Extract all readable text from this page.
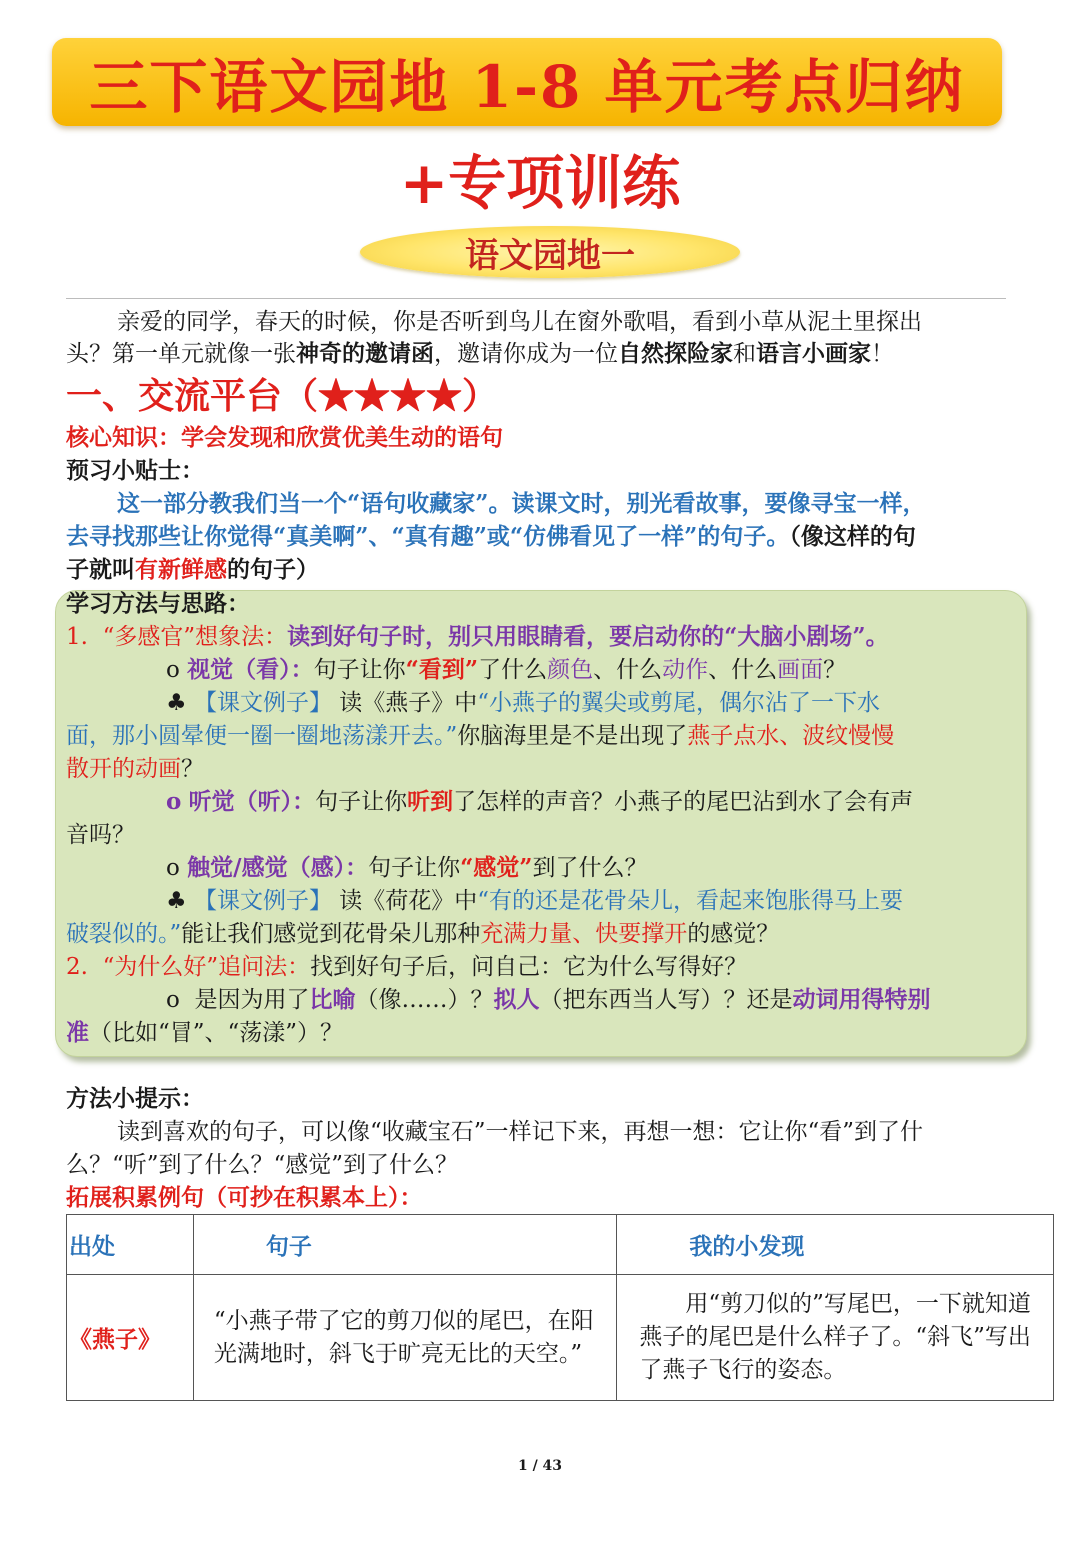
三下语文园地 1-8 单元考点归纳
+专项训练
语文园地一
亲爱的同学，春天的时候，你是否听到鸟儿在窗外歌唱，看到小草从泥土里探出
头？第一单元就像一张神奇的邀请函，邀请你成为一位自然探险家和语言小画家！
一、交流平台（★★★★）
核心知识：学会发现和欣赏优美生动的语句
预习小贴士：
这一部分教我们当一个“语句收藏家”。读课文时，别光看故事，要像寻宝一样，
去寻找那些让你觉得“真美啊”、“真有趣”或“仿佛看见了一样”的句子。（像这样的句
子就叫有新鲜感的句子）
学习方法与思路：
1. “多感官”想象法：读到好句子时，别只用眼睛看，要启动你的“大脑小剧场”。
o 视觉（看）：句子让你“看到”了什么颜色、什么动作、什么画面？
♣ 【课文例子】 读《燕子》中“小燕子的翼尖或剪尾，偶尔沾了一下水
面，那小圆晕便一圈一圈地荡漾开去。”你脑海里是不是出现了燕子点水、波纹慢慢
散开的动画？
o 听觉（听）：句子让你听到了怎样的声音？小燕子的尾巴沾到水了会有声
音吗？
o 触觉/感觉（感）：句子让你“感觉”到了什么？
♣ 【课文例子】 读《荷花》中“有的还是花骨朵儿，看起来饱胀得马上要
破裂似的。”能让我们感觉到花骨朵儿那种充满力量、快要撑开的感觉？
2. “为什么好”追问法：找到好句子后，问自己：它为什么写得好？
o 是因为用了比喻（像……）？拟人（把东西当人写）？还是动词用得特别
准（比如“冒”、“荡漾”）？
方法小提示：
读到喜欢的句子，可以像“收藏宝石”一样记下来，再想一想：它让你“看”到了什
么？“听”到了什么？“感觉”到了什么？
拓展积累例句（可抄在积累本上）：
出处	句子	我的小发现
《燕子》	“小燕子带了它的剪刀似的尾巴，在阳光满地时，斜飞于旷亮无比的天空。”	用“剪刀似的”写尾巴，一下就知道燕子的尾巴是什么样子了。“斜飞”写出了燕子飞行的姿态。
1 / 43
